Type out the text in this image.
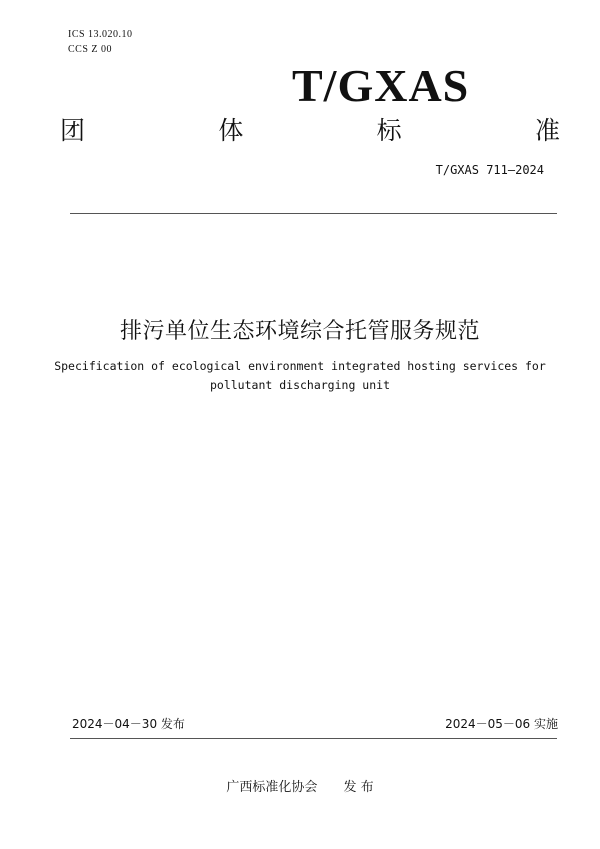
ICS 13.020.10
CCS Z 00
T/GXAS
团	体	标	准
T/GXAS 711—2024
排污单位生态环境综合托管服务规范
Specification of ecological environment integrated hosting services for
pollutant discharging unit
2024－04－30 发布	2024－05－06 实施
广西标准化协会 发 布
